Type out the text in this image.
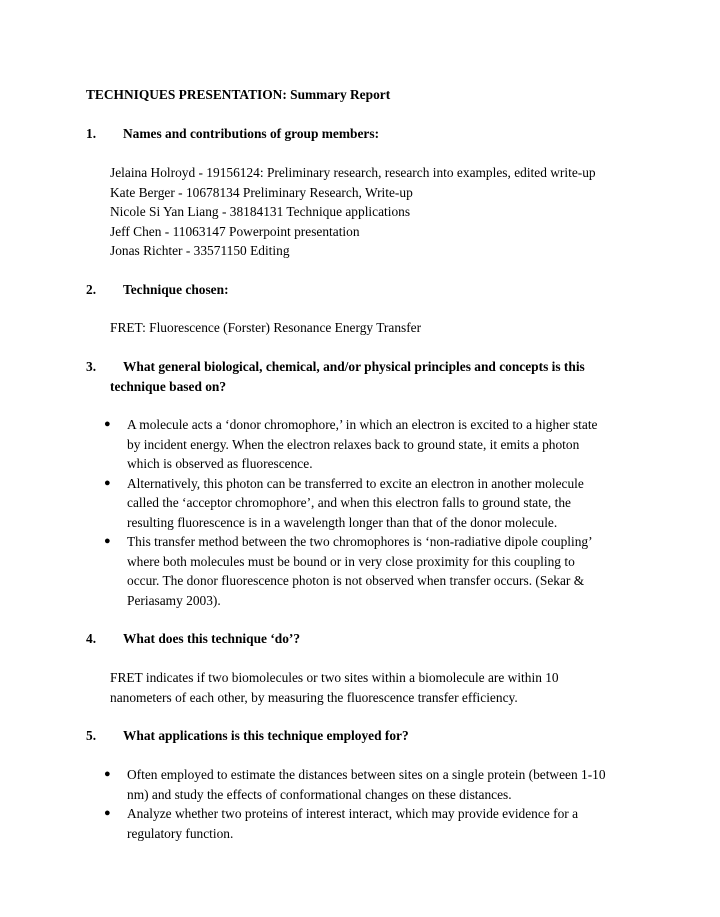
TECHNIQUES PRESENTATION: Summary Report
1. Names and contributions of group members:
Jelaina Holroyd - 19156124: Preliminary research, research into examples, edited write-up
Kate Berger - 10678134 Preliminary Research, Write-up
Nicole Si Yan Liang - 38184131 Technique applications
Jeff Chen - 11063147 Powerpoint presentation
Jonas Richter - 33571150 Editing
2. Technique chosen:
FRET: Fluorescence (Forster) Resonance Energy Transfer
3. What general biological, chemical, and/or physical principles and concepts is this
technique based on?
● A molecule acts a ‘donor chromophore,’ in which an electron is excited to a higher state
by incident energy. When the electron relaxes back to ground state, it emits a photon
which is observed as fluorescence.
● Alternatively, this photon can be transferred to excite an electron in another molecule
called the ‘acceptor chromophore’, and when this electron falls to ground state, the
resulting fluorescence is in a wavelength longer than that of the donor molecule.
● This transfer method between the two chromophores is ‘non-radiative dipole coupling’
where both molecules must be bound or in very close proximity for this coupling to
occur. The donor fluorescence photon is not observed when transfer occurs. (Sekar &
Periasamy 2003).
4. What does this technique ‘do’?
FRET indicates if two biomolecules or two sites within a biomolecule are within 10
nanometers of each other, by measuring the fluorescence transfer efficiency.
5. What applications is this technique employed for?
● Often employed to estimate the distances between sites on a single protein (between 1-10
nm) and study the effects of conformational changes on these distances.
● Analyze whether two proteins of interest interact, which may provide evidence for a
regulatory function.
